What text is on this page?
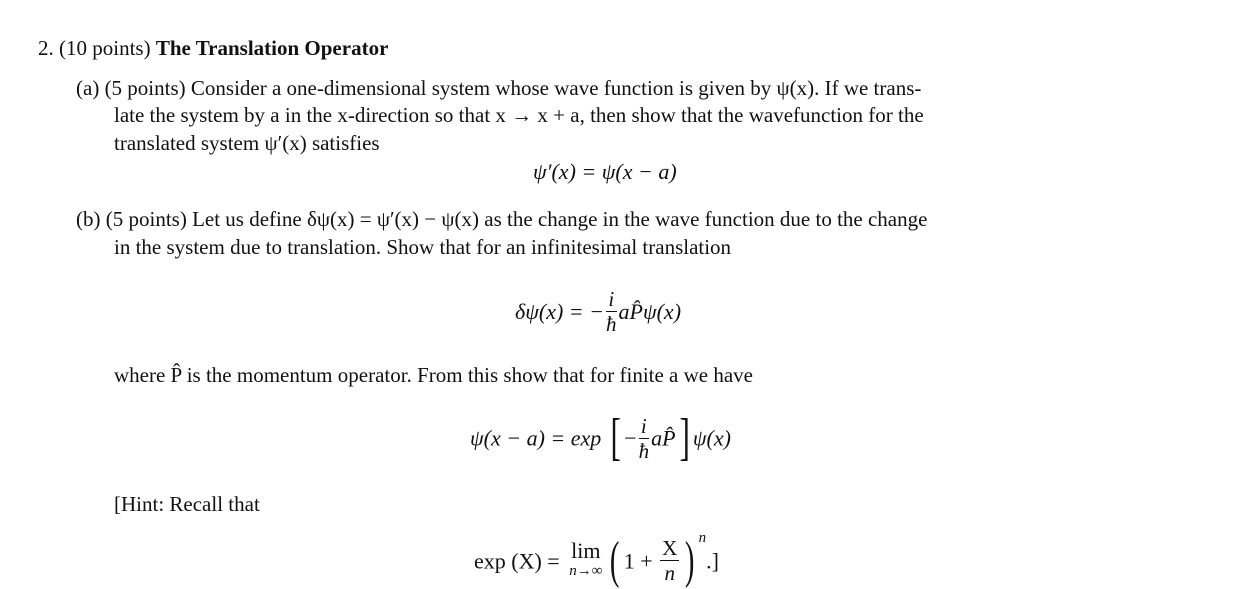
2. (10 points) The Translation Operator
(a) (5 points) Consider a one-dimensional system whose wave function is given by ψ(x). If we trans-
late the system by a in the x-direction so that x → x + a, then show that the wavefunction for the
translated system ψ′(x) satisfies
ψ′(x) = ψ(x − a)
(b) (5 points) Let us define δψ(x) = ψ′(x) − ψ(x) as the change in the wave function due to the change
in the system due to translation. Show that for an infinitesimal translation
δψ(x) = − $\frac{i}{ħ}$ aP̂ψ(x)
where P̂ is the momentum operator. From this show that for finite a we have
ψ(x − a) = exp [ − $\frac{i}{ħ}$ aP̂] ψ(x)
[Hint: Recall that
exp (X) = lim
n→∞ ( $1 + \frac{X}{n}$ ) $^n$.]
